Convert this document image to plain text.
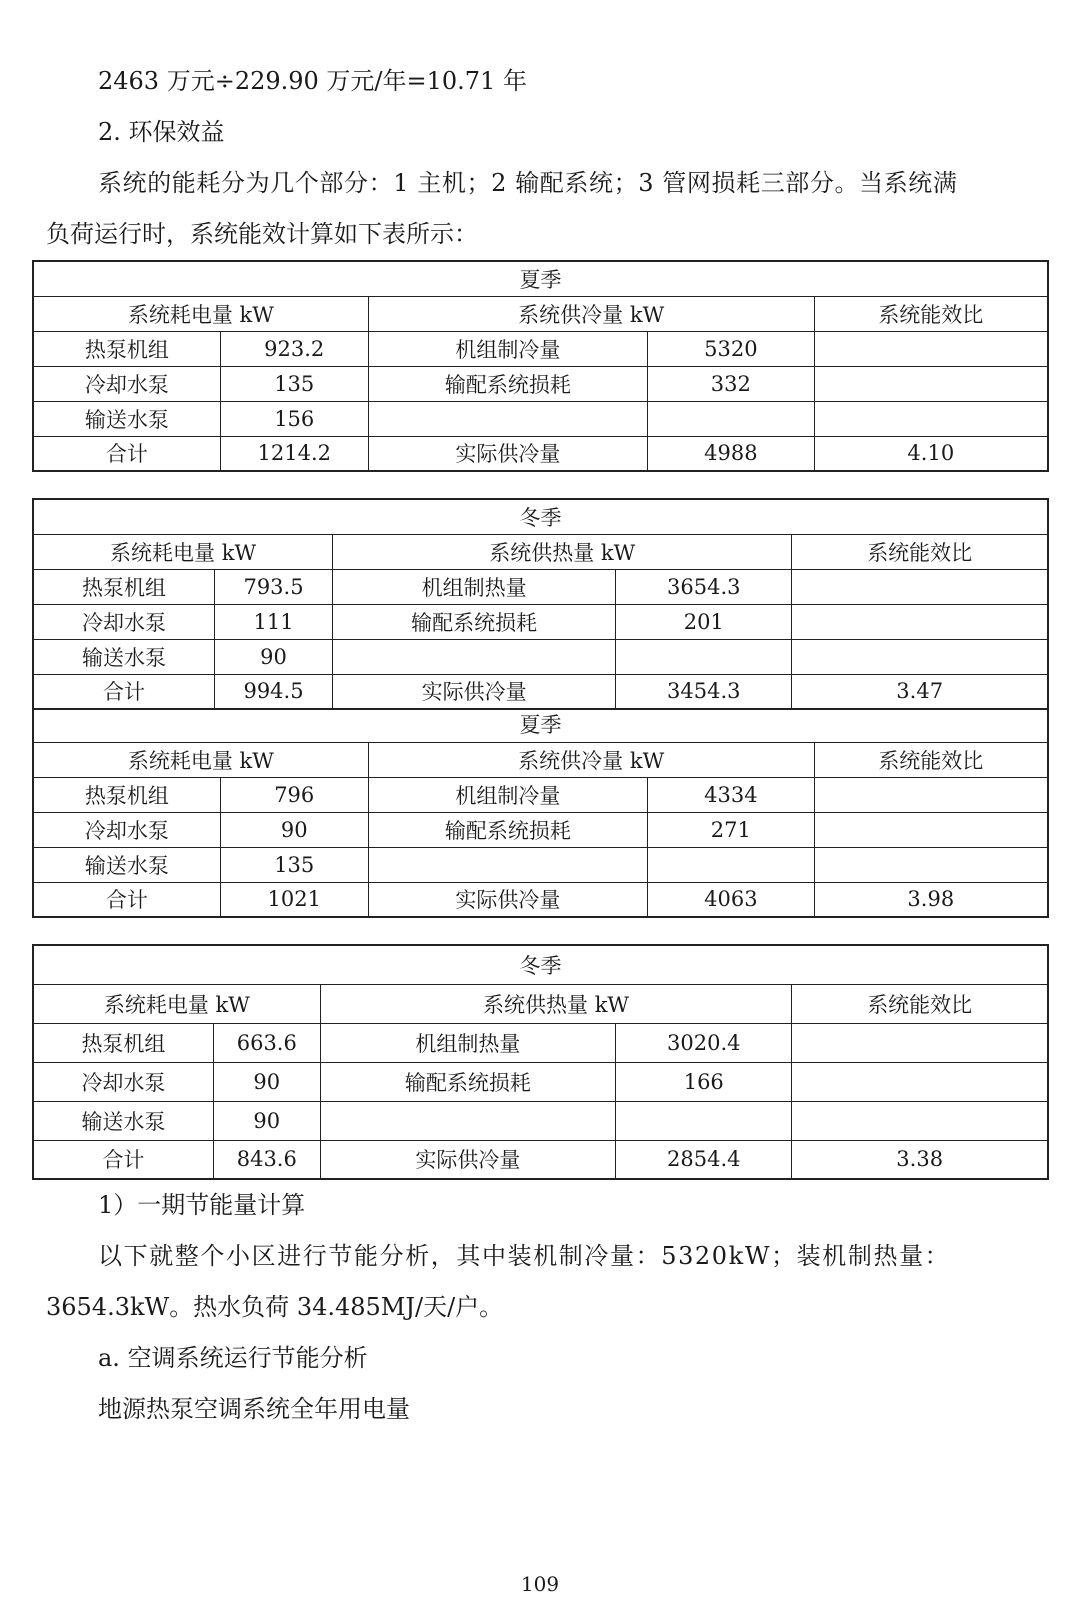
2463 万元÷229.90 万元/年=10.71 年
2. 环保效益
系统的能耗分为几个部分：1 主机；2 输配系统；3 管网损耗三部分。当系统满
负荷运行时，系统能效计算如下表所示：
夏季				
系统耗电量 kW		系统供冷量 kW		系统能效比
热泵机组	923.2	机组制冷量	5320	
冷却水泵	135	输配系统损耗	332	
输送水泵	156			
合计	1214.2	实际供冷量	4988	4.10
冬季				
系统耗电量 kW		系统供热量 kW		系统能效比
热泵机组	793.5	机组制热量	3654.3	
冷却水泵	111	输配系统损耗	201	
输送水泵	90			
合计	994.5	实际供冷量	3454.3	3.47
夏季				
系统耗电量 kW		系统供冷量 kW		系统能效比
热泵机组	796	机组制冷量	4334	
冷却水泵	90	输配系统损耗	271	
输送水泵	135			
合计	1021	实际供冷量	4063	3.98
冬季				
系统耗电量 kW		系统供热量 kW		系统能效比
热泵机组	663.6	机组制热量	3020.4	
冷却水泵	90	输配系统损耗	166	
输送水泵	90			
合计	843.6	实际供冷量	2854.4	3.38
1）一期节能量计算
以下就整个小区进行节能分析，其中装机制冷量：5320kW；装机制热量：
3654.3kW。热水负荷 34.485MJ/天/户。
a. 空调系统运行节能分析
地源热泵空调系统全年用电量
109
